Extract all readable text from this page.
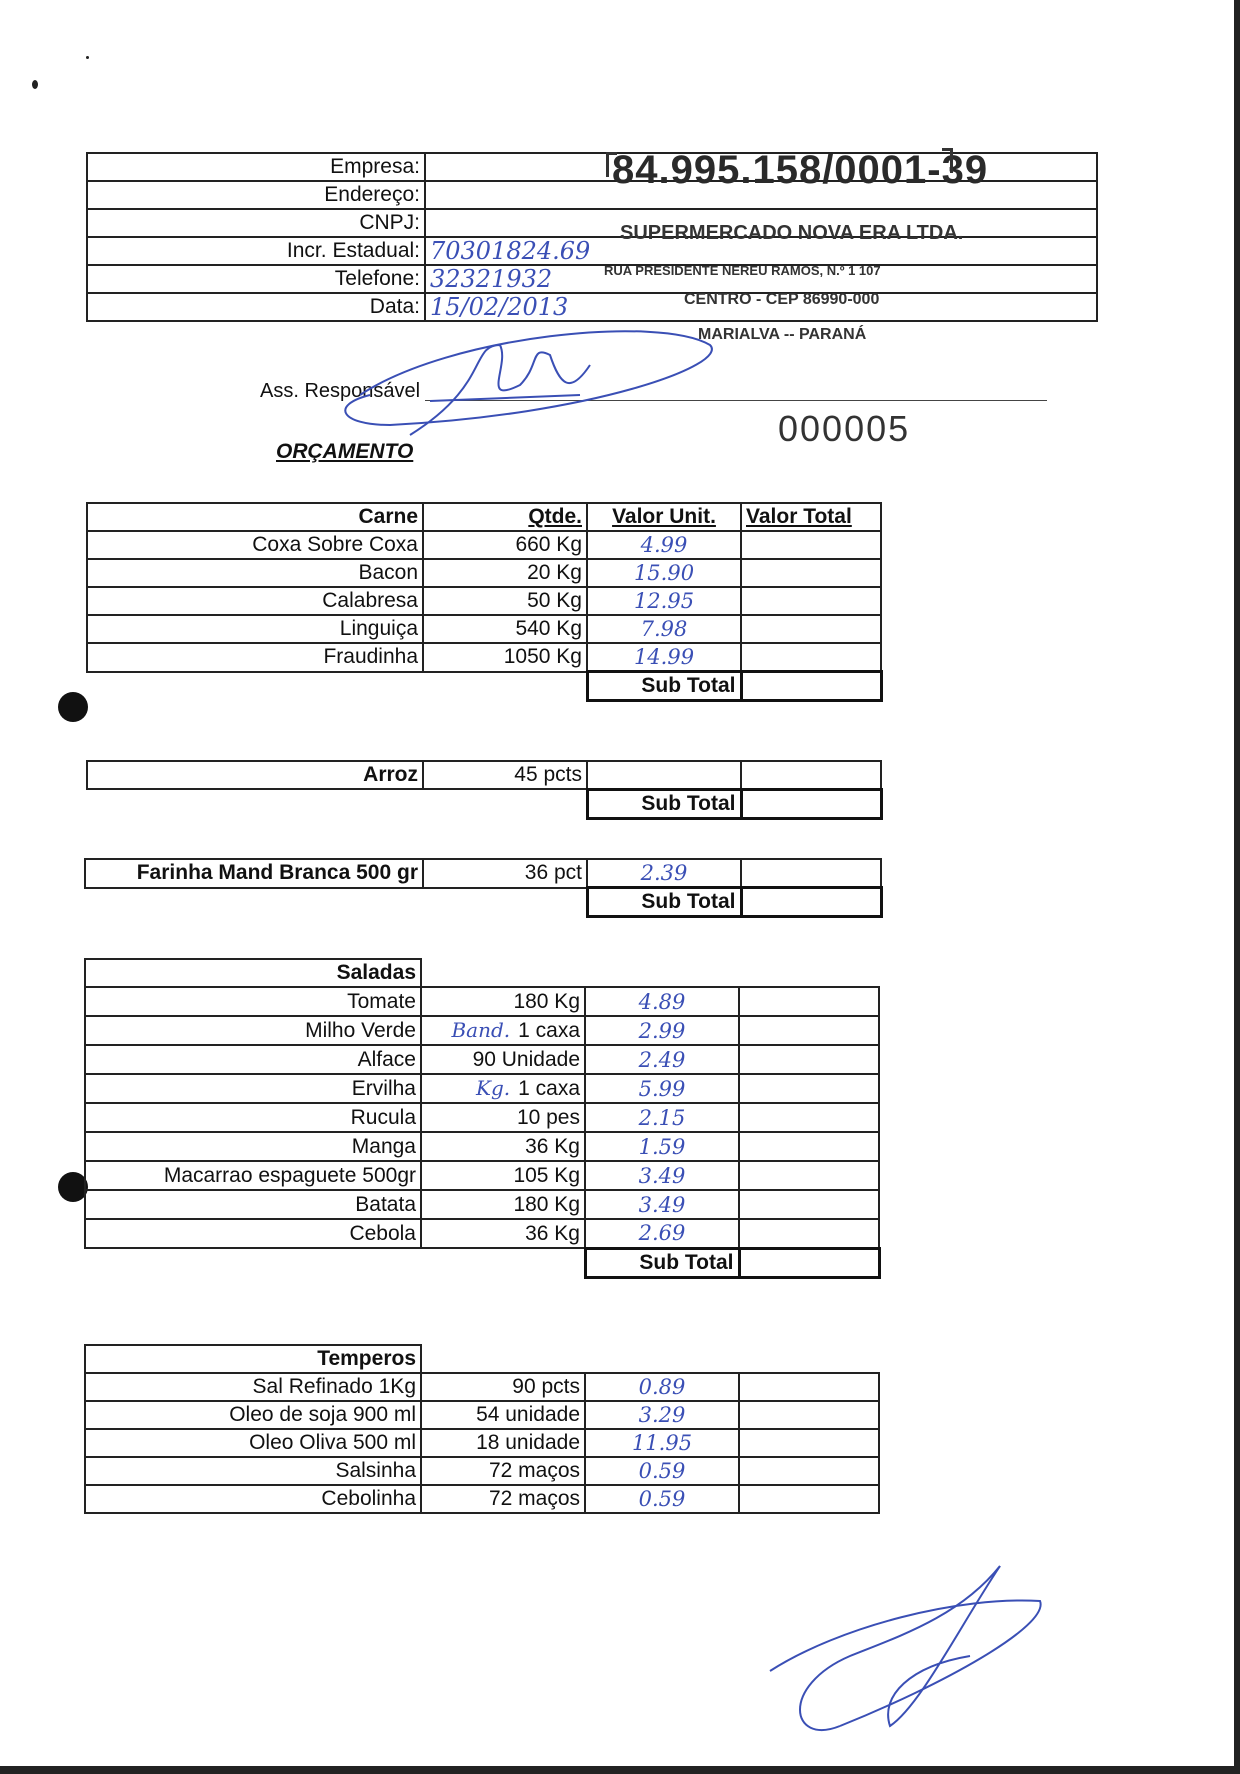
Empresa:	
Endereço:	
CNPJ:	
Incr. Estadual:	70301824.69
Telefone:	32321932
Data:	15/02/2013
84.995.158/0001-39
SUPERMERCADO NOVA ERA LTDA.
RUA PRESIDENTE NEREU RAMOS, N.º 1 107
CENTRO - CEP 86990-000
MARIALVA -- PARANÁ
Ass. Responsável
000005
ORÇAMENTO
Carne	Qtde.	Valor Unit.	Valor Total
Coxa Sobre Coxa	660 Kg	4.99	
Bacon	20 Kg	15.90	
Calabresa	50 Kg	12.95	
Linguiça	540 Kg	7.98	
Fraudinha	1050 Kg	14.99	
		Sub Total	
Arroz	45 pcts		
		Sub Total	
Farinha Mand Branca 500 gr	36 pct	2.39	
		Sub Total	
Saladas			
Tomate	180 Kg	4.89	
Milho Verde	Band. 1 caxa	2.99	
Alface	90 Unidade	2.49	
Ervilha	Kg. 1 caxa	5.99	
Rucula	10 pes	2.15	
Manga	36 Kg	1.59	
Macarrao espaguete 500gr	105 Kg	3.49	
Batata	180 Kg	3.49	
Cebola	36 Kg	2.69	
		Sub Total	
Temperos			
Sal Refinado 1Kg	90 pcts	0.89	
Oleo de soja 900 ml	54 unidade	3.29	
Oleo Oliva 500 ml	18 unidade	11.95	
Salsinha	72 maços	0.59	
Cebolinha	72 maços	0.59	
